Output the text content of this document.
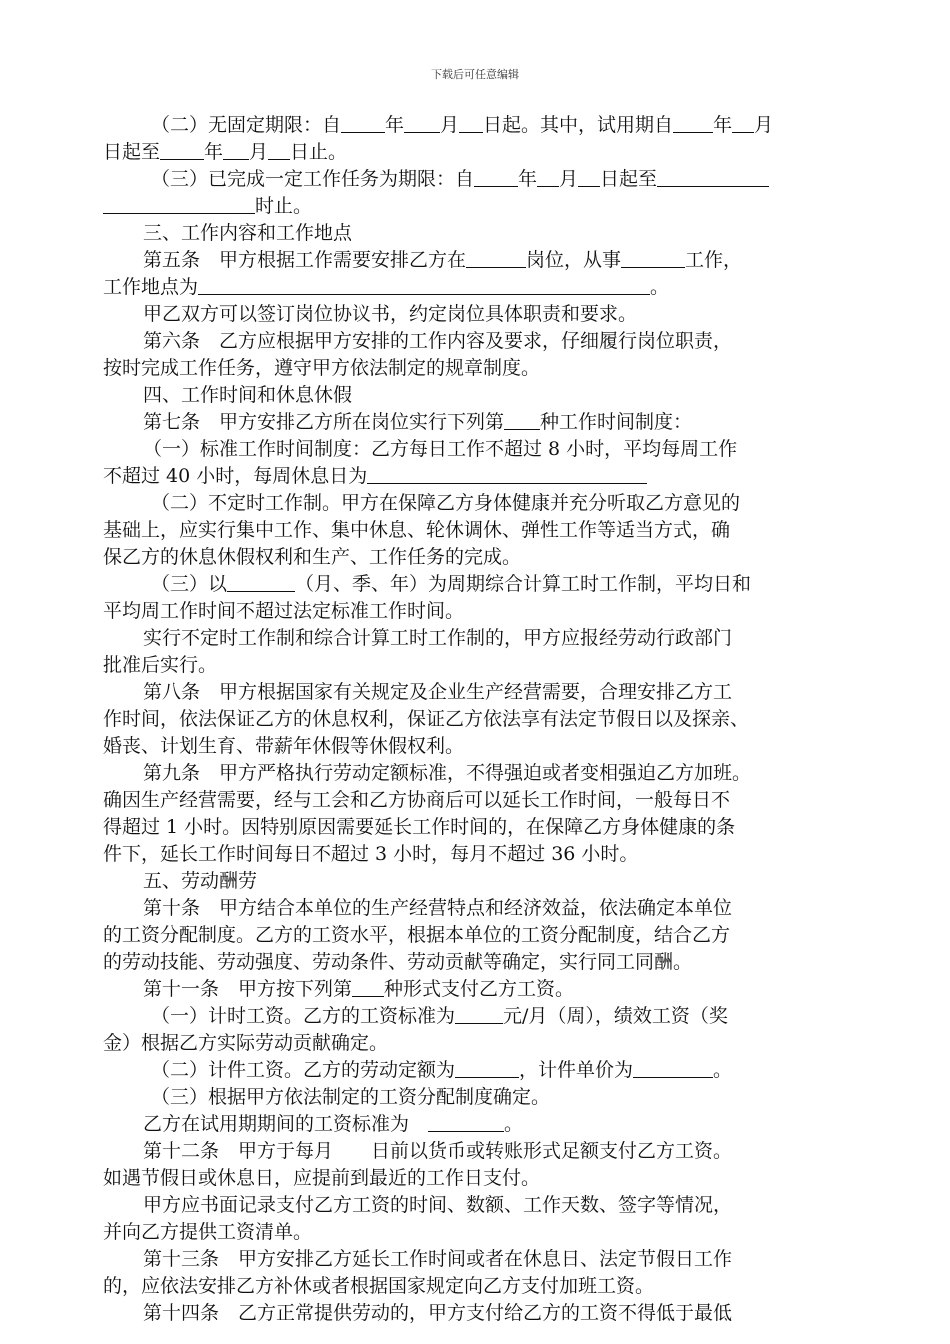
下载后可任意编辑
（二）无固定期限：自 年 月 日起。其中，试用期自 年 月
日起至 年 月 日止。
（三）已完成一定工作任务为期限：自 年 月 日起至
时止。
三、工作内容和工作地点
第五条　甲方根据工作需要安排乙方在	岗位，从事	工作，
工作地点为	。
甲乙双方可以签订岗位协议书，约定岗位具体职责和要求。
第六条　乙方应根据甲方安排的工作内容及要求，仔细履行岗位职责，
按时完成工作任务，遵守甲方依法制定的规章制度。
四、工作时间和休息休假
第七条　甲方安排乙方所在岗位实行下列第 种工作时间制度：
（一）标准工作时间制度：乙方每日工作不超过 8 小时，平均每周工作
不超过 40 小时，每周休息日为
（二）不定时工作制。甲方在保障乙方身体健康并充分听取乙方意见的
基础上，应实行集中工作、集中休息、轮休调休、弹性工作等适当方式，确
保乙方的休息休假权利和生产、工作任务的完成。
（三）以	（月、季、年）为周期综合计算工时工作制，平均日和
平均周工作时间不超过法定标准工作时间。
实行不定时工作制和综合计算工时工作制的，甲方应报经劳动行政部门
批准后实行。
第八条　甲方根据国家有关规定及企业生产经营需要，合理安排乙方工
作时间，依法保证乙方的休息权利，保证乙方依法享有法定节假日以及探亲、
婚丧、计划生育、带薪年休假等休假权利。
第九条　甲方严格执行劳动定额标准，不得强迫或者变相强迫乙方加班。
确因生产经营需要，经与工会和乙方协商后可以延长工作时间，一般每日不
得超过 1 小时。因特别原因需要延长工作时间的，在保障乙方身体健康的条
件下，延长工作时间每日不超过 3 小时，每月不超过 36 小时。
五、劳动酬劳
第十条　甲方结合本单位的生产经营特点和经济效益，依法确定本单位
的工资分配制度。乙方的工资水平，根据本单位的工资分配制度，结合乙方
的劳动技能、劳动强度、劳动条件、劳动贡献等确定，实行同工同酬。
第十一条　甲方按下列第 种形式支付乙方工资。
（一）计时工资。乙方的工资标准为	元/月（周），绩效工资（奖
金）根据乙方实际劳动贡献确定。
（二）计件工资。乙方的劳动定额为	，计件单价为	。
（三）根据甲方依法制定的工资分配制度确定。
乙方在试用期期间的工资标准为　	。
第十二条　甲方于每月　　日前以货币或转账形式足额支付乙方工资。
如遇节假日或休息日，应提前到最近的工作日支付。
甲方应书面记录支付乙方工资的时间、数额、工作天数、签字等情况，
并向乙方提供工资清单。
第十三条　甲方安排乙方延长工作时间或者在休息日、法定节假日工作
的，应依法安排乙方补休或者根据国家规定向乙方支付加班工资。
第十四条　乙方正常提供劳动的，甲方支付给乙方的工资不得低于最低
